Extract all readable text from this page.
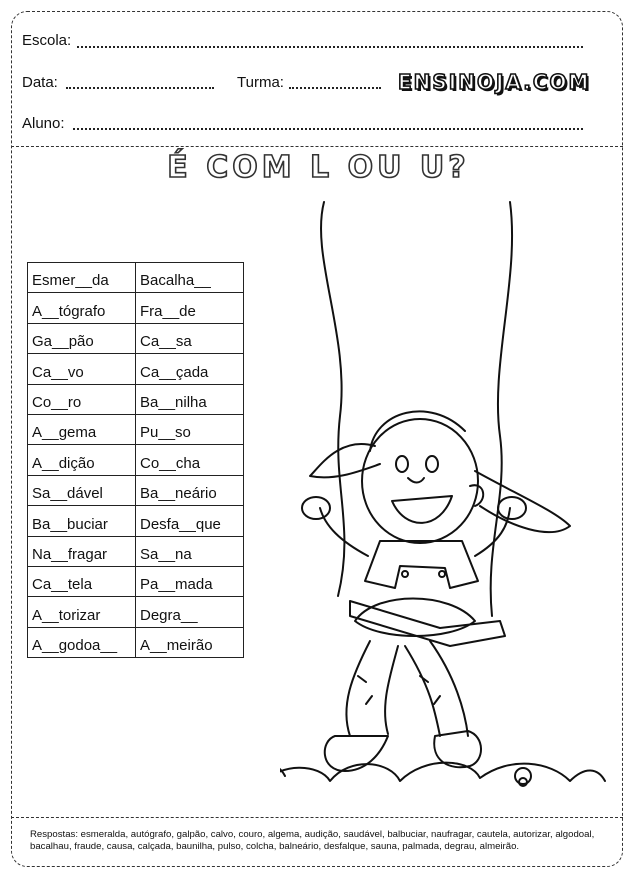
Escola:
Data:	Turma:	ENSINOJA.COM
Aluno:
É COM L OU U?
Esmer__da	Bacalha__
A__tógrafo	Fra__de
Ga__pão	Ca__sa
Ca__vo	Ca__çada
Co__ro	Ba__nilha
A__gema	Pu__so
A__dição	Co__cha
Sa__dável	Ba__neário
Ba__buciar	Desfa__que
Na__fragar	Sa__na
Ca__tela	Pa__mada
A__torizar	Degra__
A__godoa__	A__meirão
Respostas: esmeralda, autógrafo, galpão, calvo, couro, algema, audição, saudável, balbuciar, naufragar, cautela, autorizar, algodoal, bacalhau, fraude, causa, calçada, baunilha, pulso, colcha, balneário, desfalque, sauna, palmada, degrau, almeirão.
